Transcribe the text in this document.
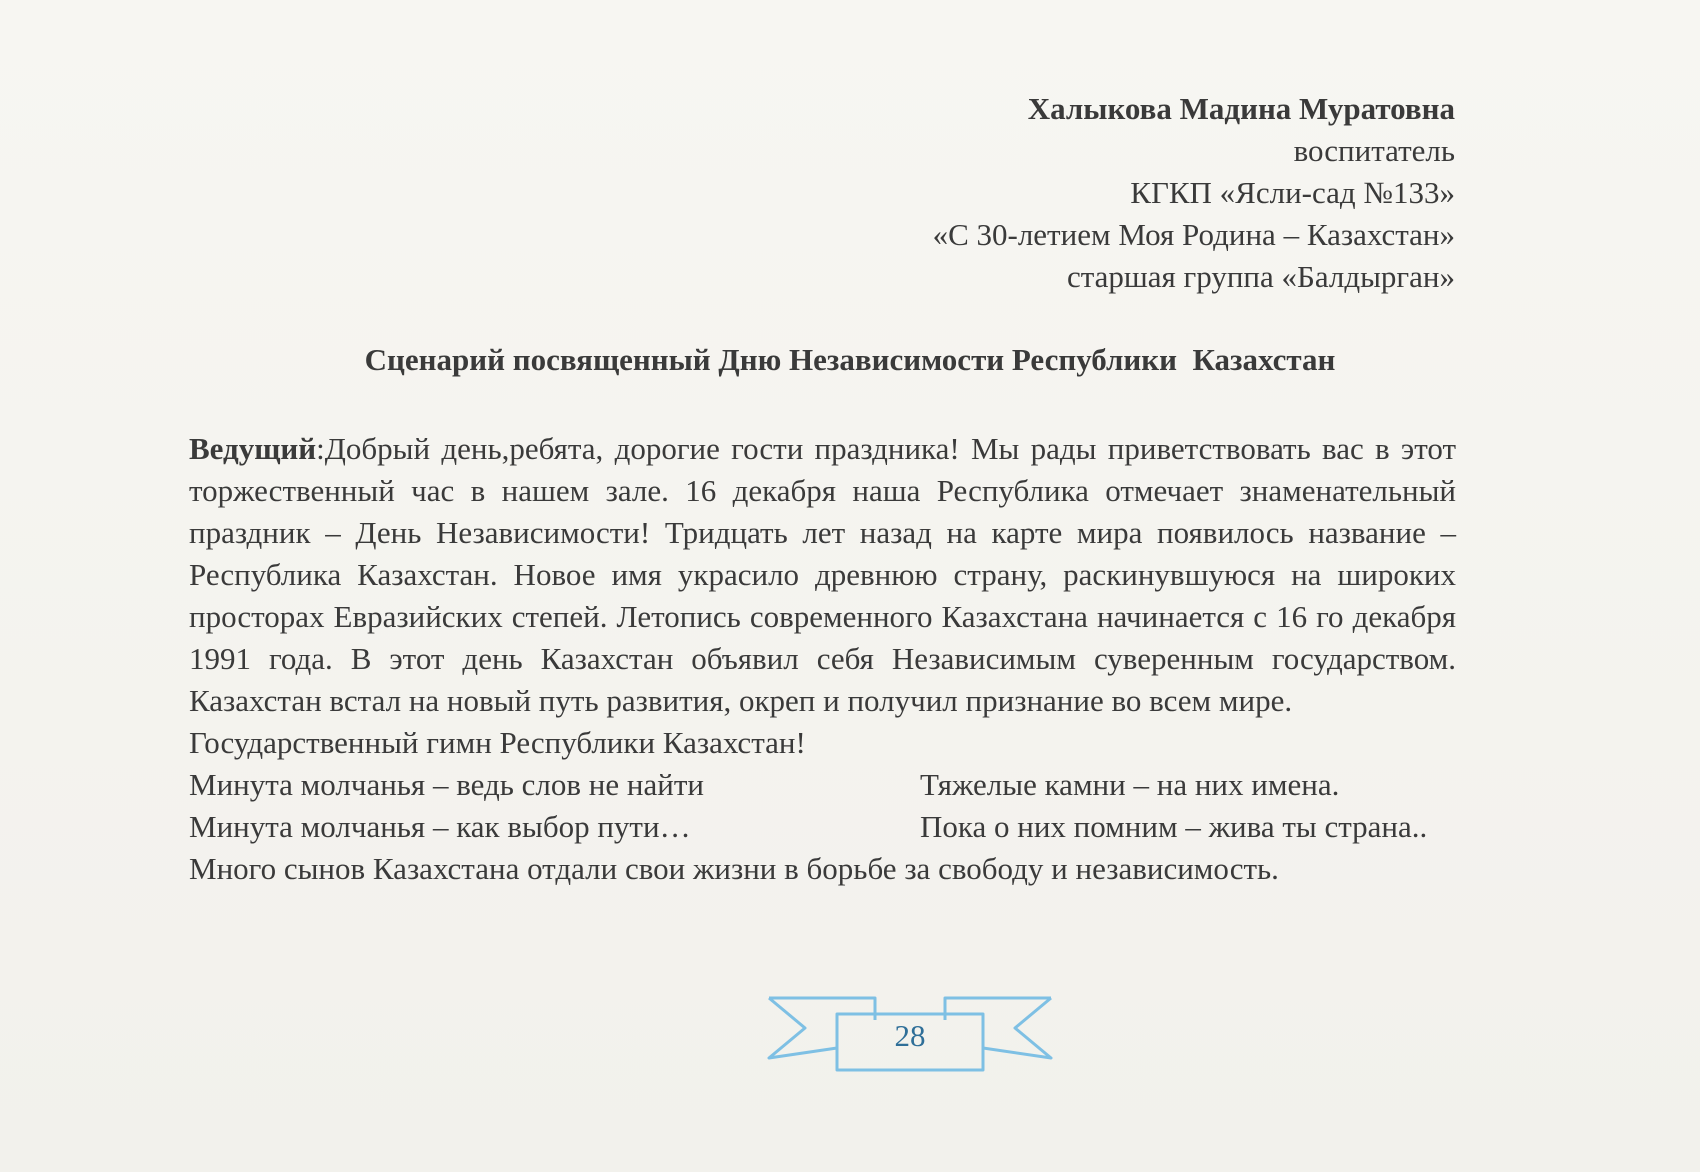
Халыкова Мадина Муратовна
воспитатель
КГКП «Ясли-сад №133»
«С 30-летием Моя Родина – Казахстан»
старшая группа «Балдырган»
Сценарий посвященный Дню Независимости Республики  Казахстан

Ведущий:Добрый день,ребята, дорогие гости праздника! Мы рады приветствовать вас в этот торжественный час в нашем зале. 16 декабря наша Республика отмечает знаменательный праздник – День Независимости! Тридцать лет назад на карте мира появилось название – Республика Казахстан. Новое имя украсило древнюю страну, раскинувшуюся на широких просторах Евразийских степей. Летопись современного Казахстана начинается с 16 го декабря 1991 года. В этот день Казахстан объявил себя Независимым суверенным государством. Казахстан встал на новый путь развития, окреп и получил признание во всем мире.

Государственный гимн Республики Казахстан!
Минута молчанья – ведь слов не найти	Тяжелые камни – на них имена.
Минута молчанья – как выбор пути…	Пока о них помним – жива ты страна..
Много сынов Казахстана отдали свои жизни в борьбе за свободу и независимость.
28
